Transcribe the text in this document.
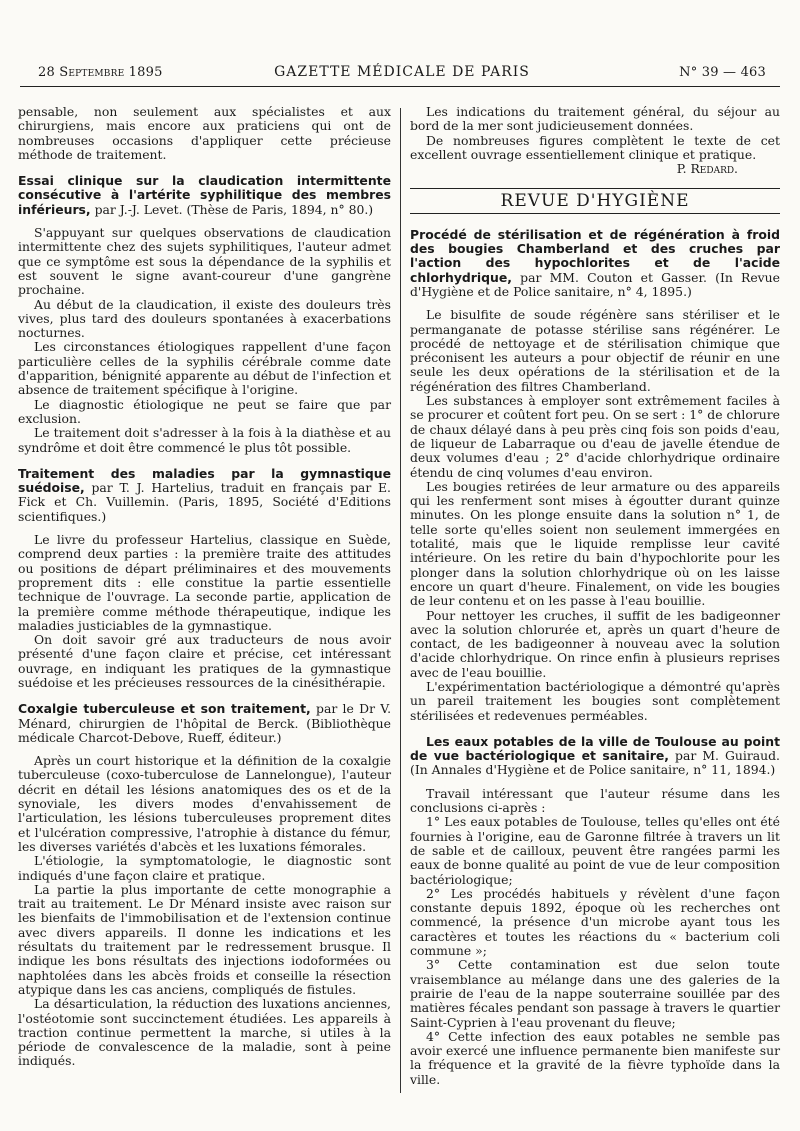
28 Septembre 1895	GAZETTE MÉDICALE DE PARIS	N° 39 — 463

pensable, non seulement aux spécialistes et aux chirurgiens, mais encore aux praticiens qui ont de nombreuses occasions d'appliquer cette précieuse méthode de traitement.

Essai clinique sur la claudication intermittente consécutive à l'artérite syphilitique des membres inférieurs, par J.-J. Levet. (Thèse de Paris, 1894, n° 80.)

S'appuyant sur quelques observations de claudication intermittente chez des sujets syphilitiques, l'auteur admet que ce symptôme est sous la dépendance de la syphilis et est souvent le signe avant-coureur d'une gangrène prochaine.

Au début de la claudication, il existe des douleurs très vives, plus tard des douleurs spontanées à exacerbations nocturnes.

Les circonstances étiologiques rappellent d'une façon particulière celles de la syphilis cérébrale comme date d'apparition, bénignité apparente au début de l'infection et absence de traitement spécifique à l'origine.

Le diagnostic étiologique ne peut se faire que par exclusion.

Le traitement doit s'adresser à la fois à la diathèse et au syndrôme et doit être commencé le plus tôt possible.

Traitement des maladies par la gymnastique suédoise, par T. J. Hartelius, traduit en français par E. Fick et Ch. Vuillemin. (Paris, 1895, Société d'Editions scientifiques.)

Le livre du professeur Hartelius, classique en Suède, comprend deux parties : la première traite des attitudes ou positions de départ préliminaires et des mouvements proprement dits : elle constitue la partie essentielle technique de l'ouvrage. La seconde partie, application de la première comme méthode thérapeutique, indique les maladies justiciables de la gymnastique.

On doit savoir gré aux traducteurs de nous avoir présenté d'une façon claire et précise, cet intéressant ouvrage, en indiquant les pratiques de la gymnastique suédoise et les précieuses ressources de la cinésithérapie.

Coxalgie tuberculeuse et son traitement, par le Dr V. Ménard, chirurgien de l'hôpital de Berck. (Bibliothèque médicale Charcot-Debove, Rueff, éditeur.)

Après un court historique et la définition de la coxalgie tuberculeuse (coxo-tuberculose de Lannelongue), l'auteur décrit en détail les lésions anatomiques des os et de la synoviale, les divers modes d'envahissement de l'articulation, les lésions tuberculeuses proprement dites et l'ulcération compressive, l'atrophie à distance du fémur, les diverses variétés d'abcès et les luxations fémorales.

L'étiologie, la symptomatologie, le diagnostic sont indiqués d'une façon claire et pratique.

La partie la plus importante de cette monographie a trait au traitement. Le Dr Ménard insiste avec raison sur les bienfaits de l'immobilisation et de l'extension continue avec divers appareils. Il donne les indications et les résultats du traitement par le redressement brusque. Il indique les bons résultats des injections iodoformées ou naphtolées dans les abcès froids et conseille la résection atypique dans les cas anciens, compliqués de fistules.

La désarticulation, la réduction des luxations anciennes, l'ostéotomie sont succinctement étudiées. Les appareils à traction continue permettent la marche, si utiles à la période de convalescence de la maladie, sont à peine indiqués.

Les indications du traitement général, du séjour au bord de la mer sont judicieusement données.

De nombreuses figures complètent le texte de cet excellent ouvrage essentiellement clinique et pratique.

P. Redard.

REVUE D'HYGIÈNE

Procédé de stérilisation et de régénération à froid des bougies Chamberland et des cruches par l'action des hypochlorites et de l'acide chlorhydrique, par MM. Couton et Gasser. (In Revue d'Hygiène et de Police sanitaire, n° 4, 1895.)

Le bisulfite de soude régénère sans stériliser et le permanganate de potasse stérilise sans régénérer. Le procédé de nettoyage et de stérilisation chimique que préconisent les auteurs a pour objectif de réunir en une seule les deux opérations de la stérilisation et de la régénération des filtres Chamberland.

Les substances à employer sont extrêmement faciles à se procurer et coûtent fort peu. On se sert : 1° de chlorure de chaux délayé dans à peu près cinq fois son poids d'eau, de liqueur de Labarraque ou d'eau de javelle étendue de deux volumes d'eau ; 2° d'acide chlorhydrique ordinaire étendu de cinq volumes d'eau environ.

Les bougies retirées de leur armature ou des appareils qui les renferment sont mises à égoutter durant quinze minutes. On les plonge ensuite dans la solution n° 1, de telle sorte qu'elles soient non seulement immergées en totalité, mais que le liquide remplisse leur cavité intérieure. On les retire du bain d'hypochlorite pour les plonger dans la solution chlorhydrique où on les laisse encore un quart d'heure. Finalement, on vide les bougies de leur contenu et on les passe à l'eau bouillie.

Pour nettoyer les cruches, il suffit de les badigeonner avec la solution chlorurée et, après un quart d'heure de contact, de les badigeonner à nouveau avec la solution d'acide chlorhydrique. On rince enfin à plusieurs reprises avec de l'eau bouillie.

L'expérimentation bactériologique a démontré qu'après un pareil traitement les bougies sont complètement stérilisées et redevenues perméables.

Les eaux potables de la ville de Toulouse au point de vue bactériologique et sanitaire, par M. Guiraud. (In Annales d'Hygiène et de Police sanitaire, n° 11, 1894.)

Travail intéressant que l'auteur résume dans les conclusions ci-après :

1° Les eaux potables de Toulouse, telles qu'elles ont été fournies à l'origine, eau de Garonne filtrée à travers un lit de sable et de cailloux, peuvent être rangées parmi les eaux de bonne qualité au point de vue de leur composition bactériologique;

2° Les procédés habituels y révèlent d'une façon constante depuis 1892, époque où les recherches ont commencé, la présence d'un microbe ayant tous les caractères et toutes les réactions du « bacterium coli commune »;

3° Cette contamination est due selon toute vraisemblance au mélange dans une des galeries de la prairie de l'eau de la nappe souterraine souillée par des matières fécales pendant son passage à travers le quartier Saint-Cyprien à l'eau provenant du fleuve;

4° Cette infection des eaux potables ne semble pas avoir exercé une influence permanente bien manifeste sur la fréquence et la gravité de la fièvre typhoïde dans la ville.
